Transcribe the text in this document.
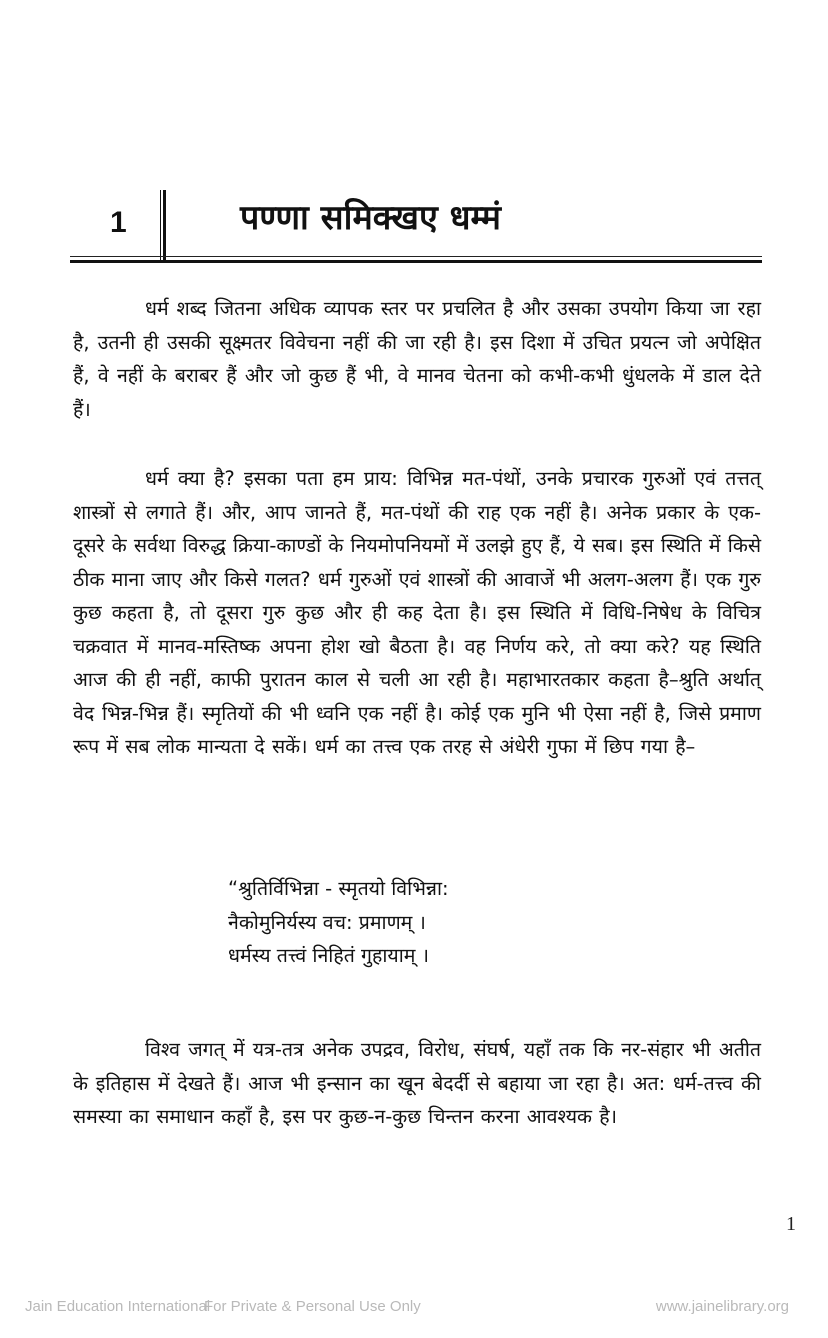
1	पण्णा समिक्खए धम्मं

धर्म शब्द जितना अधिक व्यापक स्तर पर प्रचलित है और उसका उपयोग किया जा रहा है, उतनी ही उसकी सूक्ष्मतर विवेचना नहीं की जा रही है। इस दिशा में उचित प्रयत्न जो अपेक्षित हैं, वे नहीं के बराबर हैं और जो कुछ हैं भी, वे मानव चेतना को कभी-कभी धुंधलके में डाल देते हैं।

धर्म क्या है? इसका पता हम प्राय: विभिन्न मत-पंथों, उनके प्रचारक गुरुओं एवं तत्तत् शास्त्रों से लगाते हैं। और, आप जानते हैं, मत-पंथों की राह एक नहीं है। अनेक प्रकार के एक-दूसरे के सर्वथा विरुद्ध क्रिया-काण्डों के नियमोपनियमों में उलझे हुए हैं, ये सब। इस स्थिति में किसे ठीक माना जाए और किसे गलत? धर्म गुरुओं एवं शास्त्रों की आवाजें भी अलग-अलग हैं। एक गुरु कुछ कहता है, तो दूसरा गुरु कुछ और ही कह देता है। इस स्थिति में विधि-निषेध के विचित्र चक्रवात में मानव-मस्तिष्क अपना होश खो बैठता है। वह निर्णय करे, तो क्या करे? यह स्थिति आज की ही नहीं, काफी पुरातन काल से चली आ रही है। महाभारतकार कहता है–श्रुति अर्थात् वेद भिन्न-भिन्न हैं। स्मृतियों की भी ध्वनि एक नहीं है। कोई एक मुनि भी ऐसा नहीं है, जिसे प्रमाण रूप में सब लोक मान्यता दे सकें। धर्म का तत्त्व एक तरह से अंधेरी गुफा में छिप गया है–

“श्रुतिर्विभिन्ना - स्मृतयो विभिन्ना:
नैकोमुनिर्यस्य वच: प्रमाणम् ।
धर्मस्य तत्त्वं निहितं गुहायाम् ।

विश्व जगत् में यत्र-तत्र अनेक उपद्रव, विरोध, संघर्ष, यहाँ तक कि नर-संहार भी अतीत के इतिहास में देखते हैं। आज भी इन्सान का खून बेदर्दी से बहाया जा रहा है। अत: धर्म-तत्त्व की समस्या का समाधान कहाँ है, इस पर कुछ-न-कुछ चिन्तन करना आवश्यक है।

1
Jain Education International
For Private & Personal Use Only	www.jainelibrary.org
